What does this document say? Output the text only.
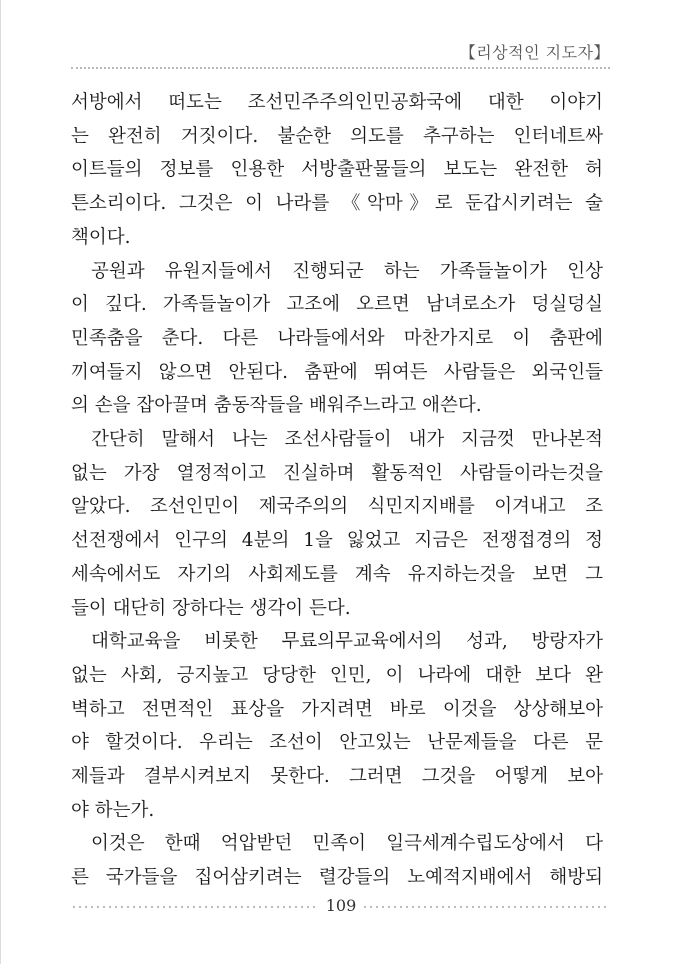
【리상적인 지도자】
서방에서 떠도는 조선민주주의인민공화국에 대한 이야기
는 완전히 거짓이다. 불순한 의도를 추구하는 인터네트싸
이트들의 정보를 인용한 서방출판물들의 보도는 완전한 허
튼소리이다. 그것은 이 나라를 《악마》로 둔갑시키려는 술
책이다.
공원과 유원지들에서 진행되군 하는 가족들놀이가 인상
이 깊다. 가족들놀이가 고조에 오르면 남녀로소가 덩실덩실
민족춤을 춘다. 다른 나라들에서와 마찬가지로 이 춤판에
끼여들지 않으면 안된다. 춤판에 뛰여든 사람들은 외국인들
의 손을 잡아끌며 춤동작들을 배워주느라고 애쓴다.
간단히 말해서 나는 조선사람들이 내가 지금껏 만나본적
없는 가장 열정적이고 진실하며 활동적인 사람들이라는것을
알았다. 조선인민이 제국주의의 식민지지배를 이겨내고 조
선전쟁에서 인구의 4분의 1을 잃었고 지금은 전쟁접경의 정
세속에서도 자기의 사회제도를 계속 유지하는것을 보면 그
들이 대단히 장하다는 생각이 든다.
대학교육을 비롯한 무료의무교육에서의 성과, 방랑자가
없는 사회, 긍지높고 당당한 인민, 이 나라에 대한 보다 완
벽하고 전면적인 표상을 가지려면 바로 이것을 상상해보아
야 할것이다. 우리는 조선이 안고있는 난문제들을 다른 문
제들과 결부시켜보지 못한다. 그러면 그것을 어떻게 보아
야 하는가.
이것은 한때 억압받던 민족이 일극세계수립도상에서 다
른 국가들을 집어삼키려는 렬강들의 노예적지배에서 해방되
109
